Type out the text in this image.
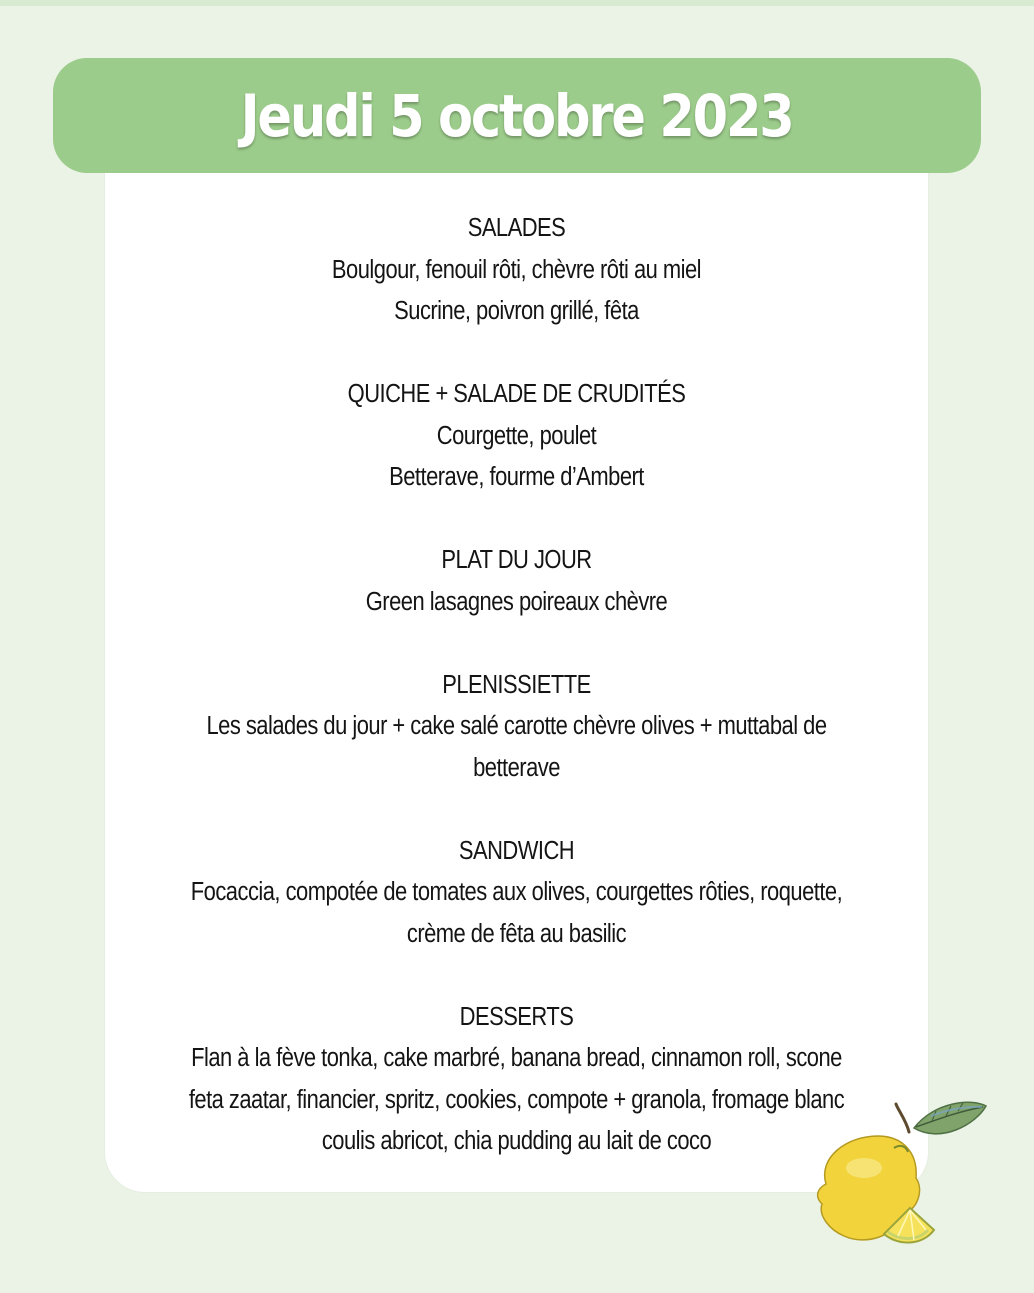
Jeudi 5 octobre 2023
SALADES
Boulgour, fenouil rôti, chèvre rôti au miel
Sucrine, poivron grillé, fêta
QUICHE + SALADE DE CRUDITÉS
Courgette, poulet
Betterave, fourme d’Ambert
PLAT DU JOUR
Green lasagnes poireaux chèvre
PLENISSIETTE
Les salades du jour + cake salé carotte chèvre olives + muttabal de
betterave
SANDWICH
Focaccia, compotée de tomates aux olives, courgettes rôties, roquette,
crème de fêta au basilic
DESSERTS
Flan à la fève tonka, cake marbré, banana bread, cinnamon roll, scone
feta zaatar, financier, spritz, cookies, compote + granola, fromage blanc
coulis abricot, chia pudding au lait de coco
